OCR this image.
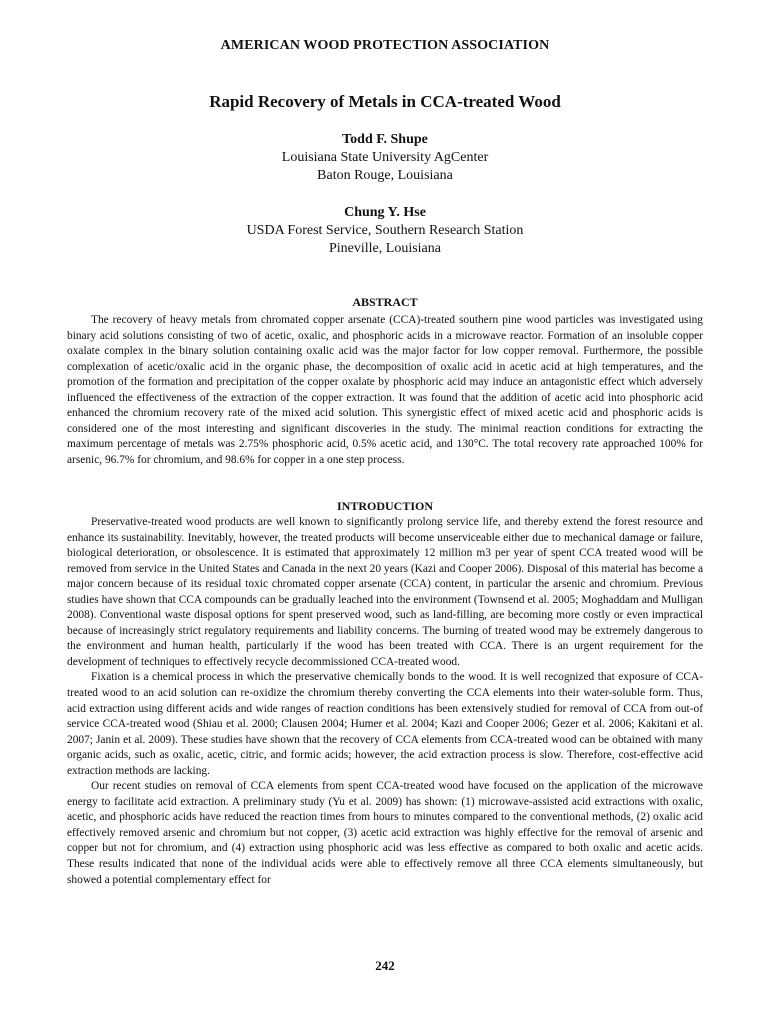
AMERICAN WOOD PROTECTION ASSOCIATION
Rapid Recovery of Metals in CCA-treated Wood
Todd F. Shupe
Louisiana State University AgCenter
Baton Rouge, Louisiana
Chung Y. Hse
USDA Forest Service, Southern Research Station
Pineville, Louisiana
ABSTRACT

The recovery of heavy metals from chromated copper arsenate (CCA)-treated southern pine wood particles was investigated using binary acid solutions consisting of two of acetic, oxalic, and phosphoric acids in a microwave reactor. Formation of an insoluble copper oxalate complex in the binary solution containing oxalic acid was the major factor for low copper removal. Furthermore, the possible complexation of acetic/oxalic acid in the organic phase, the decomposition of oxalic acid in acetic acid at high temperatures, and the promotion of the formation and precipitation of the copper oxalate by phosphoric acid may induce an antagonistic effect which adversely influenced the effectiveness of the extraction of the copper extraction. It was found that the addition of acetic acid into phosphoric acid enhanced the chromium recovery rate of the mixed acid solution. This synergistic effect of mixed acetic acid and phosphoric acids is considered one of the most interesting and significant discoveries in the study. The minimal reaction conditions for extracting the maximum percentage of metals was 2.75% phosphoric acid, 0.5% acetic acid, and 130°C. The total recovery rate approached 100% for arsenic, 96.7% for chromium, and 98.6% for copper in a one step process.

INTRODUCTION

Preservative-treated wood products are well known to significantly prolong service life, and thereby extend the forest resource and enhance its sustainability. Inevitably, however, the treated products will become unserviceable either due to mechanical damage or failure, biological deterioration, or obsolescence. It is estimated that approximately 12 million m3 per year of spent CCA treated wood will be removed from service in the United States and Canada in the next 20 years (Kazi and Cooper 2006). Disposal of this material has become a major concern because of its residual toxic chromated copper arsenate (CCA) content, in particular the arsenic and chromium. Previous studies have shown that CCA compounds can be gradually leached into the environment (Townsend et al. 2005; Moghaddam and Mulligan 2008). Conventional waste disposal options for spent preserved wood, such as land-filling, are becoming more costly or even impractical because of increasingly strict regulatory requirements and liability concerns. The burning of treated wood may be extremely dangerous to the environment and human health, particularly if the wood has been treated with CCA. There is an urgent requirement for the development of techniques to effectively recycle decommissioned CCA-treated wood.

Fixation is a chemical process in which the preservative chemically bonds to the wood. It is well recognized that exposure of CCA-treated wood to an acid solution can re-oxidize the chromium thereby converting the CCA elements into their water-soluble form. Thus, acid extraction using different acids and wide ranges of reaction conditions has been extensively studied for removal of CCA from out-of service CCA-treated wood (Shiau et al. 2000; Clausen 2004; Humer et al. 2004; Kazi and Cooper 2006; Gezer et al. 2006; Kakitani et al. 2007; Janin et al. 2009). These studies have shown that the recovery of CCA elements from CCA-treated wood can be obtained with many organic acids, such as oxalic, acetic, citric, and formic acids; however, the acid extraction process is slow. Therefore, cost-effective acid extraction methods are lacking.

Our recent studies on removal of CCA elements from spent CCA-treated wood have focused on the application of the microwave energy to facilitate acid extraction. A preliminary study (Yu et al. 2009) has shown: (1) microwave-assisted acid extractions with oxalic, acetic, and phosphoric acids have reduced the reaction times from hours to minutes compared to the conventional methods, (2) oxalic acid effectively removed arsenic and chromium but not copper, (3) acetic acid extraction was highly effective for the removal of arsenic and copper but not for chromium, and (4) extraction using phosphoric acid was less effective as compared to both oxalic and acetic acids. These results indicated that none of the individual acids were able to effectively remove all three CCA elements simultaneously, but showed a potential complementary effect for

242
